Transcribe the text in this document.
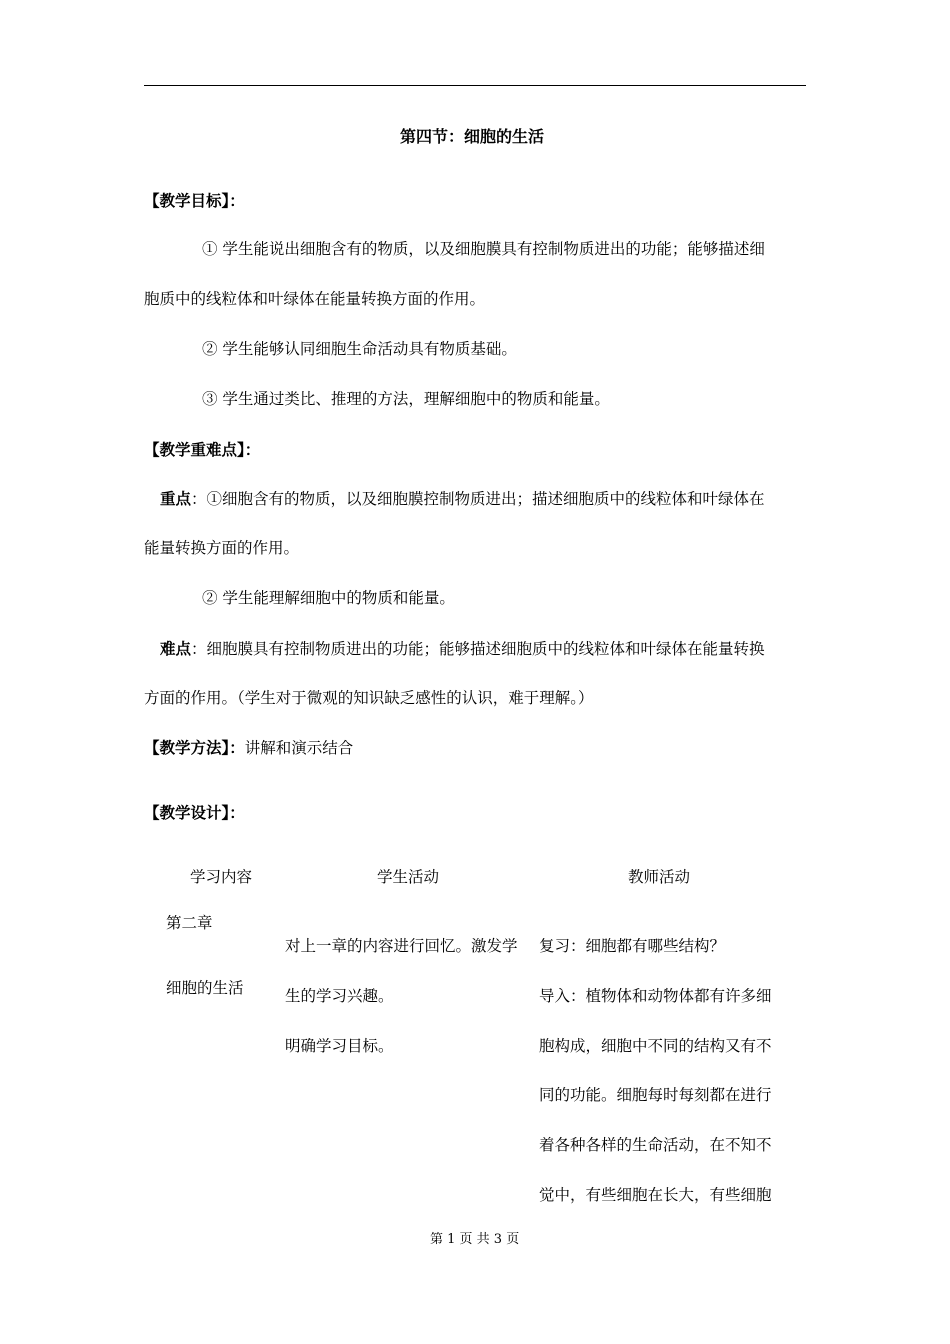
第四节：细胞的生活
【教学目标】：
① 学生能说出细胞含有的物质，以及细胞膜具有控制物质进出的功能；能够描述细
胞质中的线粒体和叶绿体在能量转换方面的作用。
② 学生能够认同细胞生命活动具有物质基础。
③ 学生通过类比、推理的方法，理解细胞中的物质和能量。
【教学重难点】：
重点：①细胞含有的物质，以及细胞膜控制物质进出；描述细胞质中的线粒体和叶绿体在
能量转换方面的作用。
② 学生能理解细胞中的物质和能量。
难点：细胞膜具有控制物质进出的功能；能够描述细胞质中的线粒体和叶绿体在能量转换
方面的作用。（学生对于微观的知识缺乏感性的认识，难于理解。）
【教学方法】：讲解和演示结合
【教学设计】：
学习内容	学生活动	教师活动
第二章
细胞的生活
对上一章的内容进行回忆。激发学
生的学习兴趣。
明确学习目标。
复习：细胞都有哪些结构？
导入：植物体和动物体都有许多细
胞构成，细胞中不同的结构又有不
同的功能。细胞每时每刻都在进行
着各种各样的生命活动，在不知不
觉中，有些细胞在长大，有些细胞
第 1 页 共 3 页
